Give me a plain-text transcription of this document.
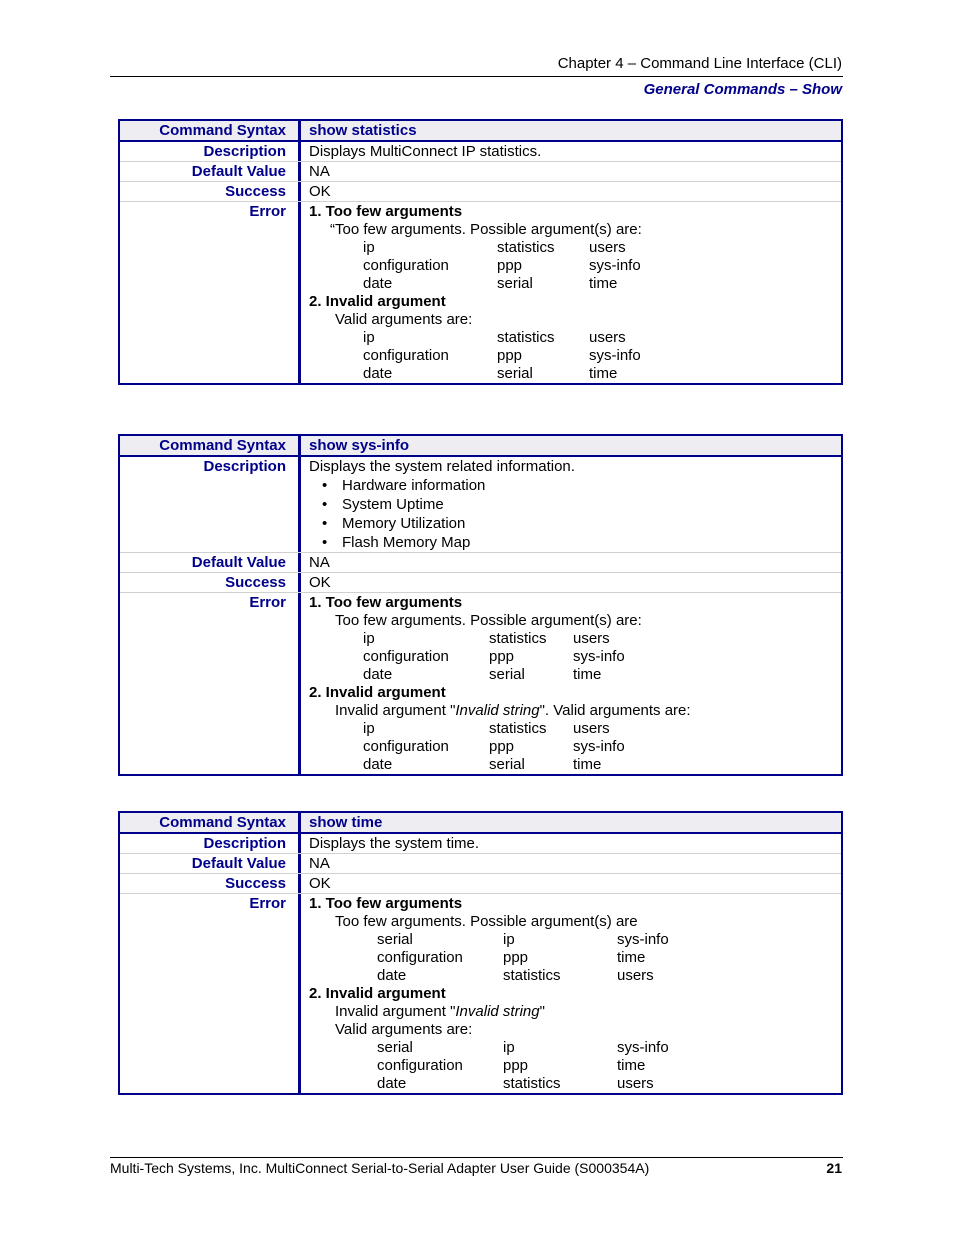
Chapter 4 – Command Line Interface (CLI)
General Commands – Show
Command Syntax	show statistics
Description	Displays MultiConnect IP statistics.
Default Value	NA
Success	OK
Error	1. Too few arguments
“Too few arguments. Possible argument(s) are:
ip	statistics	users
configuration	ppp	sys-info
date	serial	time
2. Invalid argument
Valid arguments are:
ip	statistics	users
configuration	ppp	sys-info
date	serial	time
Command Syntax	show sys-info
Description	Displays the system related information.
• Hardware information
• System Uptime
• Memory Utilization
• Flash Memory Map
Default Value	NA
Success	OK
Error	1. Too few arguments
Too few arguments. Possible argument(s) are:
ip	statistics	users
configuration	ppp	sys-info
date	serial	time
2. Invalid argument
Invalid argument "Invalid string". Valid arguments are:
ip	statistics	users
configuration	ppp	sys-info
date	serial	time
Command Syntax	show time
Description	Displays the system time.
Default Value	NA
Success	OK
Error	1. Too few arguments
Too few arguments. Possible argument(s) are
serial	ip	sys-info
configuration	ppp	time
date	statistics	users
2. Invalid argument
Invalid argument "Invalid string"
Valid arguments are:
serial	ip	sys-info
configuration	ppp	time
date	statistics	users
Multi-Tech Systems, Inc. MultiConnect Serial-to-Serial Adapter User Guide (S000354A)	21
